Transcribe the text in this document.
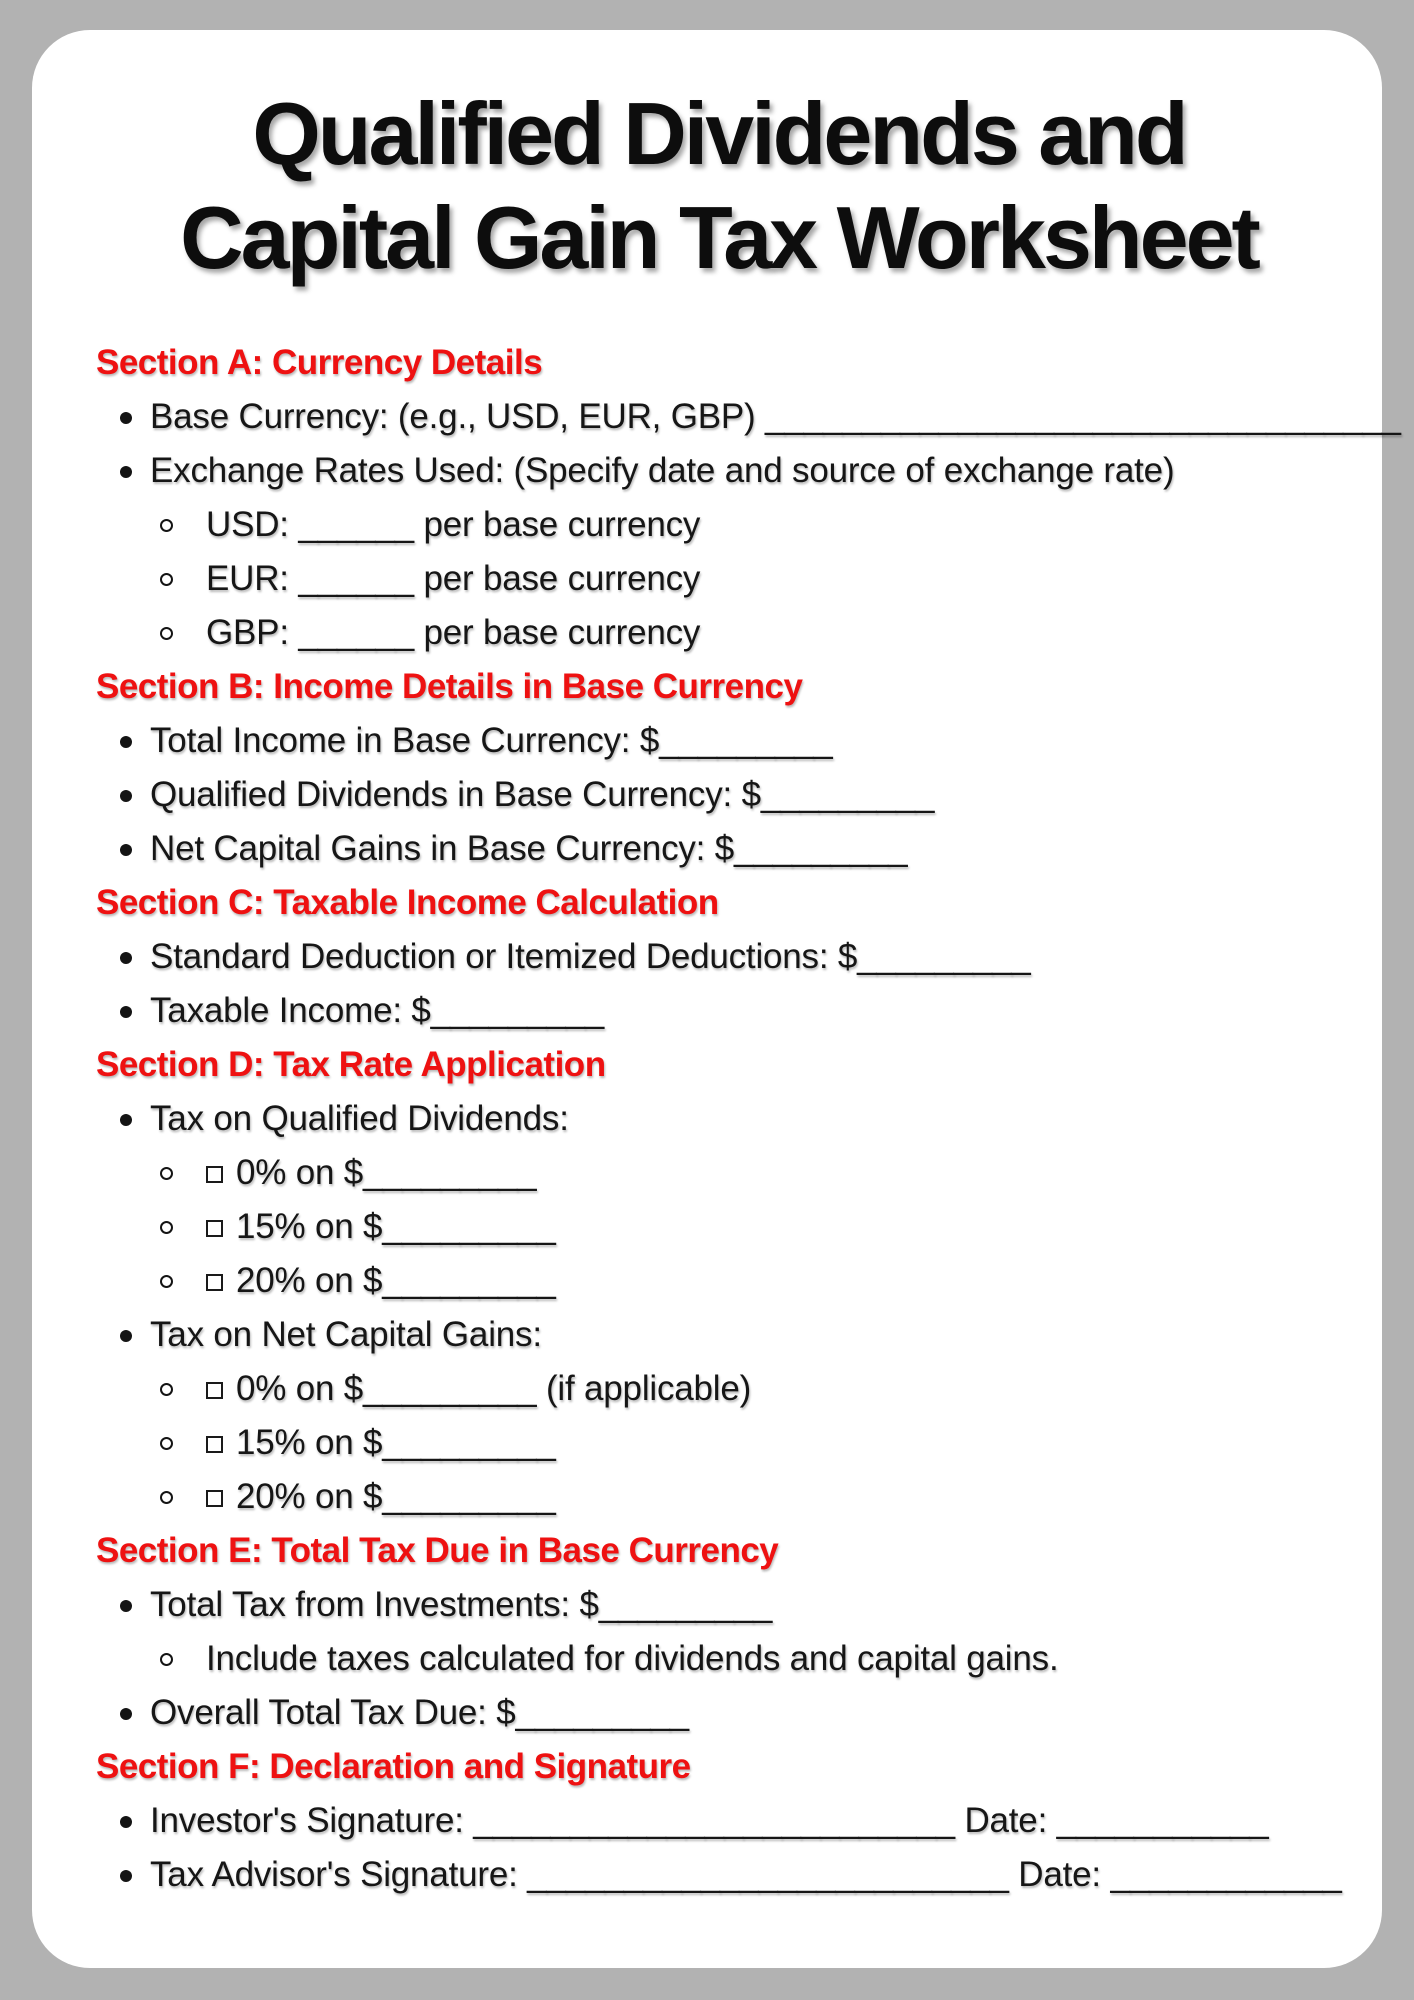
Qualified Dividends and
Capital Gain Tax Worksheet
Section A: Currency Details
Base Currency: (e.g., USD, EUR, GBP) _________________________________
Exchange Rates Used: (Specify date and source of exchange rate)
USD: ______ per base currency
EUR: ______ per base currency
GBP: ______ per base currency
Section B: Income Details in Base Currency
Total Income in Base Currency: $_________
Qualified Dividends in Base Currency: $_________
Net Capital Gains in Base Currency: $_________
Section C: Taxable Income Calculation
Standard Deduction or Itemized Deductions: $_________
Taxable Income: $_________
Section D: Tax Rate Application
Tax on Qualified Dividends:
0% on $_________
15% on $_________
20% on $_________
Tax on Net Capital Gains:
0% on $_________ (if applicable)
15% on $_________
20% on $_________
Section E: Total Tax Due in Base Currency
Total Tax from Investments: $_________
Include taxes calculated for dividends and capital gains.
Overall Total Tax Due: $_________
Section F: Declaration and Signature
Investor's Signature: _________________________ Date: ___________
Tax Advisor's Signature: _________________________ Date: ____________
